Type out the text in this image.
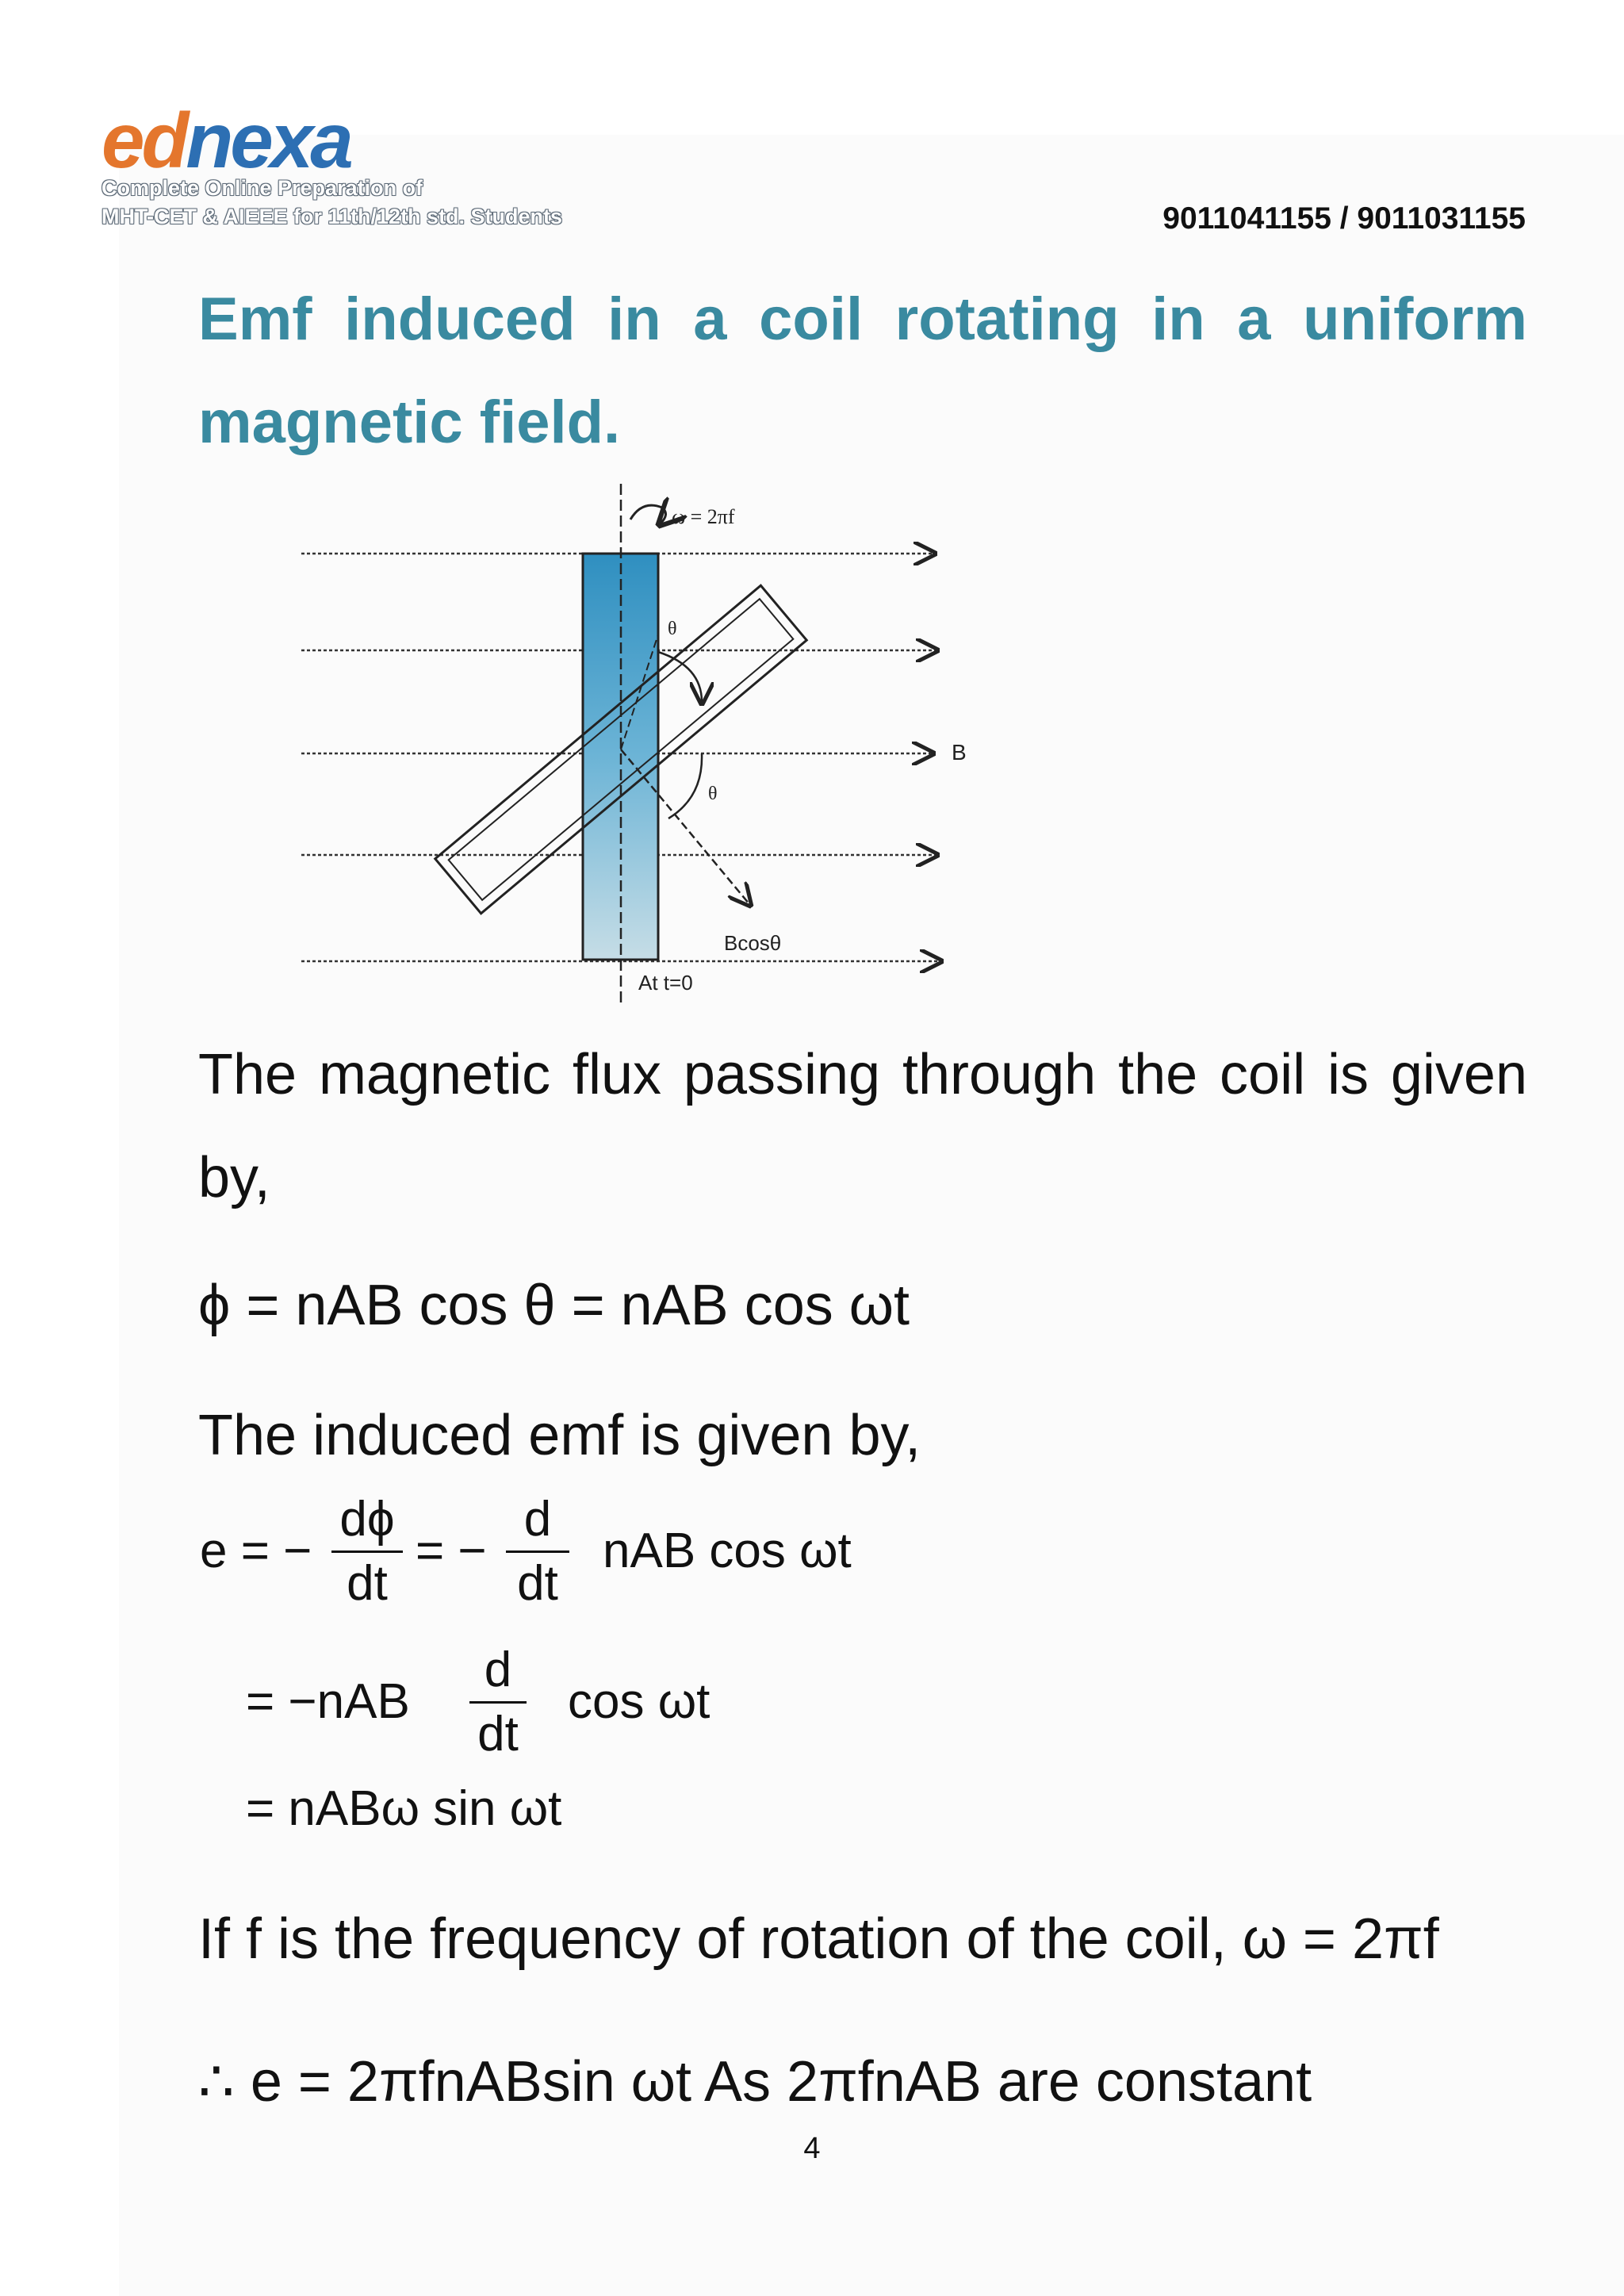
ednexa
Complete Online Preparation of
MHT-CET & AIEEE for 11th/12th std. Students	9011041155 / 9011031155
Emf induced in a coil rotating in a uniform magnetic field.
ω = 2πf
θ
θ
B
Bcosθ
At t=0
The magnetic flux passing through the coil is given by,
ϕ = nAB cos θ = nAB cos ωt
The induced emf is given by,
e = −
dϕ
dt
= −
d
dt
nAB cos ωt
= −nAB
d
dt
cos ωt
= nABω sin ωt
If f is the frequency of rotation of the coil, ω = 2πf
∴ e = 2πfnABsin ωt As 2πfnAB are constant
4
